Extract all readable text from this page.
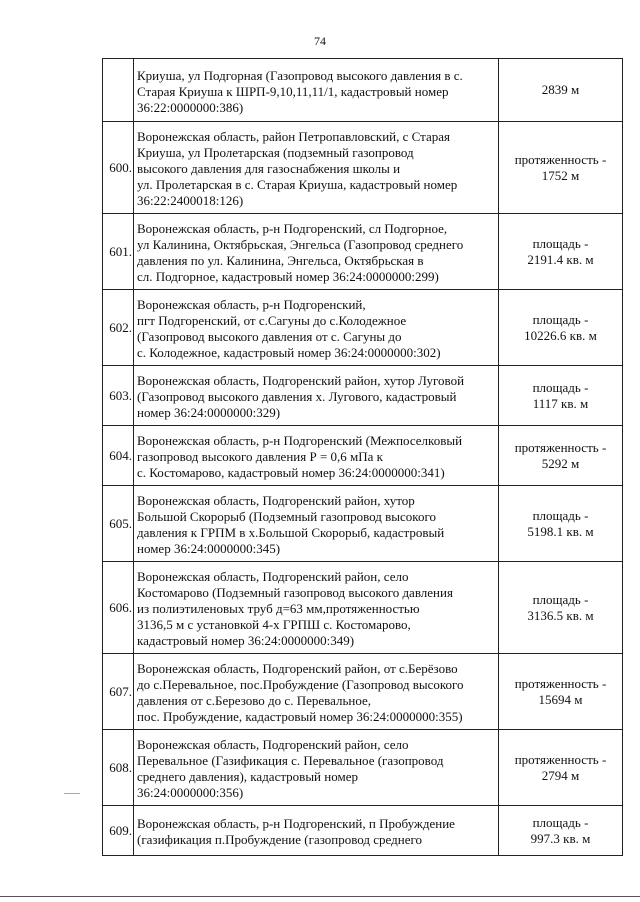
74

	Криуша, ул Подгорная (Газопровод высокого давления в с.
Старая Криуша к ШРП-9,10,11,11/1, кадастровый номер
36:22:0000000:386)	2839 м

600.	Воронежская область, район Петропавловский, с Старая
Криуша, ул Пролетарская (подземный газопровод
высокого давления для газоснабжения школы и
ул. Пролетарская в с. Старая Криуша, кадастровый номер
36:22:2400018:126)	протяженность -
1752 м

601.	Воронежская область, р-н Подгоренский, сл Подгорное,
ул Калинина, Октябрьская, Энгельса (Газопровод среднего
давления по ул. Калинина, Энгельса, Октябрьская в
сл. Подгорное, кадастровый номер 36:24:0000000:299)	площадь -
2191.4 кв. м

602.	Воронежская область, р-н Подгоренский,
пгт Подгоренский, от с.Сагуны до с.Колодежное
(Газопровод высокого давления от с. Сагуны до
с. Колодежное, кадастровый номер 36:24:0000000:302)	площадь -
10226.6 кв. м

603.	Воронежская область, Подгоренский район, хутор Луговой
(Газопровод высокого давления х. Лугового, кадастровый
номер 36:24:0000000:329)	площадь -
1117 кв. м

604.	Воронежская область, р-н Подгоренский (Межпоселковый
газопровод высокого давления Р = 0,6 мПа к
с. Костомарово, кадастровый номер 36:24:0000000:341)	протяженность -
5292 м

605.	Воронежская область, Подгоренский район, хутор
Большой Скорорыб (Подземный газопровод высокого
давления к ГРПМ в х.Большой Скорорыб, кадастровый
номер 36:24:0000000:345)	площадь -
5198.1 кв. м

606.	Воронежская область, Подгоренский район, село
Костомарово (Подземный газопровод высокого давления
из полиэтиленовых труб д=63 мм,протяженностью
3136,5 м с установкой 4-х ГРПШ с. Костомарово,
кадастровый номер 36:24:0000000:349)	площадь -
3136.5 кв. м

607.	Воронежская область, Подгоренский район, от с.Берёзово
до с.Перевальное, пос.Пробуждение (Газопровод высокого
давления от с.Березово до с. Перевальное,
пос. Пробуждение, кадастровый номер 36:24:0000000:355)	протяженность -
15694 м

608.	Воронежская область, Подгоренский район, село
Перевальное (Газификация с. Перевальное (газопровод
среднего давления), кадастровый номер
36:24:0000000:356)	протяженность -
2794 м

609.	Воронежская область, р-н Подгоренский, п Пробуждение
(газификация п.Пробуждение (газопровод среднего	площадь -
997.3 кв. м
